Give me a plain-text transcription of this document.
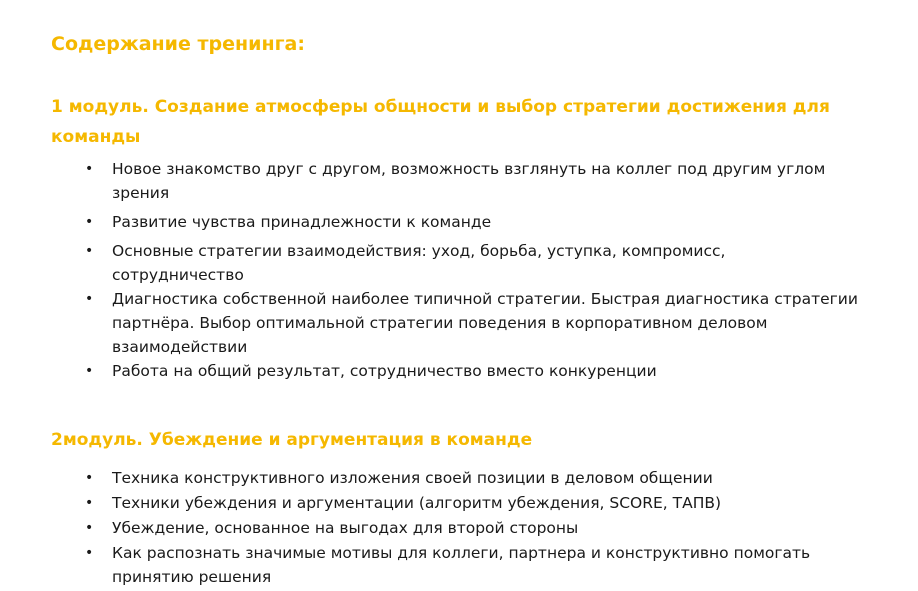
Содержание тренинга:
1 модуль. Создание атмосферы общности и выбор стратегии достижения для команды
• Новое знакомство друг с другом, возможность взглянуть на коллег под другим углом зрения
• Развитие чувства принадлежности к команде
• Основные стратегии взаимодействия: уход, борьба, уступка, компромисс, сотрудничество
• Диагностика собственной наиболее типичной стратегии. Быстрая диагностика стратегии партнёра. Выбор оптимальной стратегии поведения в корпоративном деловом взаимодействии
• Работа на общий результат, сотрудничество вместо конкуренции
2модуль. Убеждение и аргументация в команде
• Техника конструктивного изложения своей позиции в деловом общении
• Техники убеждения и аргументации (алгоритм убеждения, SCORE, ТАПВ)
• Убеждение, основанное на выгодах для второй стороны
• Как распознать значимые мотивы для коллеги, партнера и конструктивно помогать принятию решения
